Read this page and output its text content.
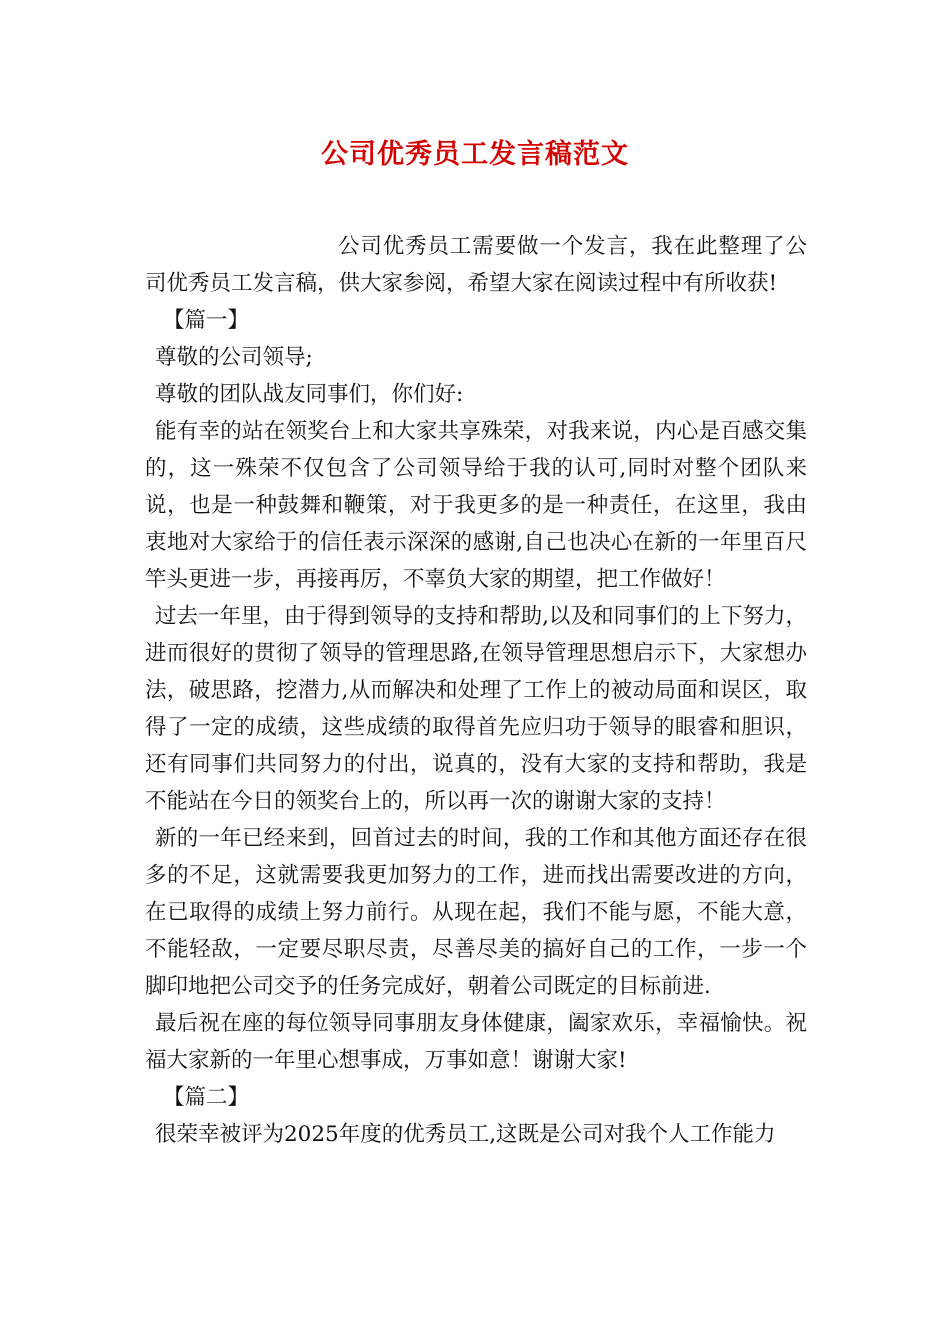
公司优秀员工发言稿范文

公司优秀员工需要做一个发言，我在此整理了公司优秀员工发言稿，供大家参阅，希望大家在阅读过程中有所收获!

【篇一】

尊敬的公司领导;

尊敬的团队战友同事们，你们好:

能有幸的站在领奖台上和大家共享殊荣，对我来说，内心是百感交集的，这一殊荣不仅包含了公司领导给于我的认可,同时对整个团队来说，也是一种鼓舞和鞭策，对于我更多的是一种责任，在这里，我由衷地对大家给于的信任表示深深的感谢,自己也决心在新的一年里百尺竿头更进一步，再接再厉，不辜负大家的期望，把工作做好！

过去一年里，由于得到领导的支持和帮助,以及和同事们的上下努力，进而很好的贯彻了领导的管理思路,在领导管理思想启示下，大家想办法，破思路，挖潜力,从而解决和处理了工作上的被动局面和误区，取得了一定的成绩，这些成绩的取得首先应归功于领导的眼睿和胆识，还有同事们共同努力的付出，说真的，没有大家的支持和帮助，我是不能站在今日的领奖台上的，所以再一次的谢谢大家的支持！

新的一年已经来到，回首过去的时间，我的工作和其他方面还存在很多的不足，这就需要我更加努力的工作，进而找出需要改进的方向，在已取得的成绩上努力前行。从现在起，我们不能与愿，不能大意，不能轻敌，一定要尽职尽责，尽善尽美的搞好自己的工作，一步一个脚印地把公司交予的任务完成好，朝着公司既定的目标前进.

最后祝在座的每位领导同事朋友身体健康，阖家欢乐，幸福愉快。祝福大家新的一年里心想事成，万事如意！谢谢大家!

【篇二】

很荣幸被评为2025年度的优秀员工,这既是公司对我个人工作能力
